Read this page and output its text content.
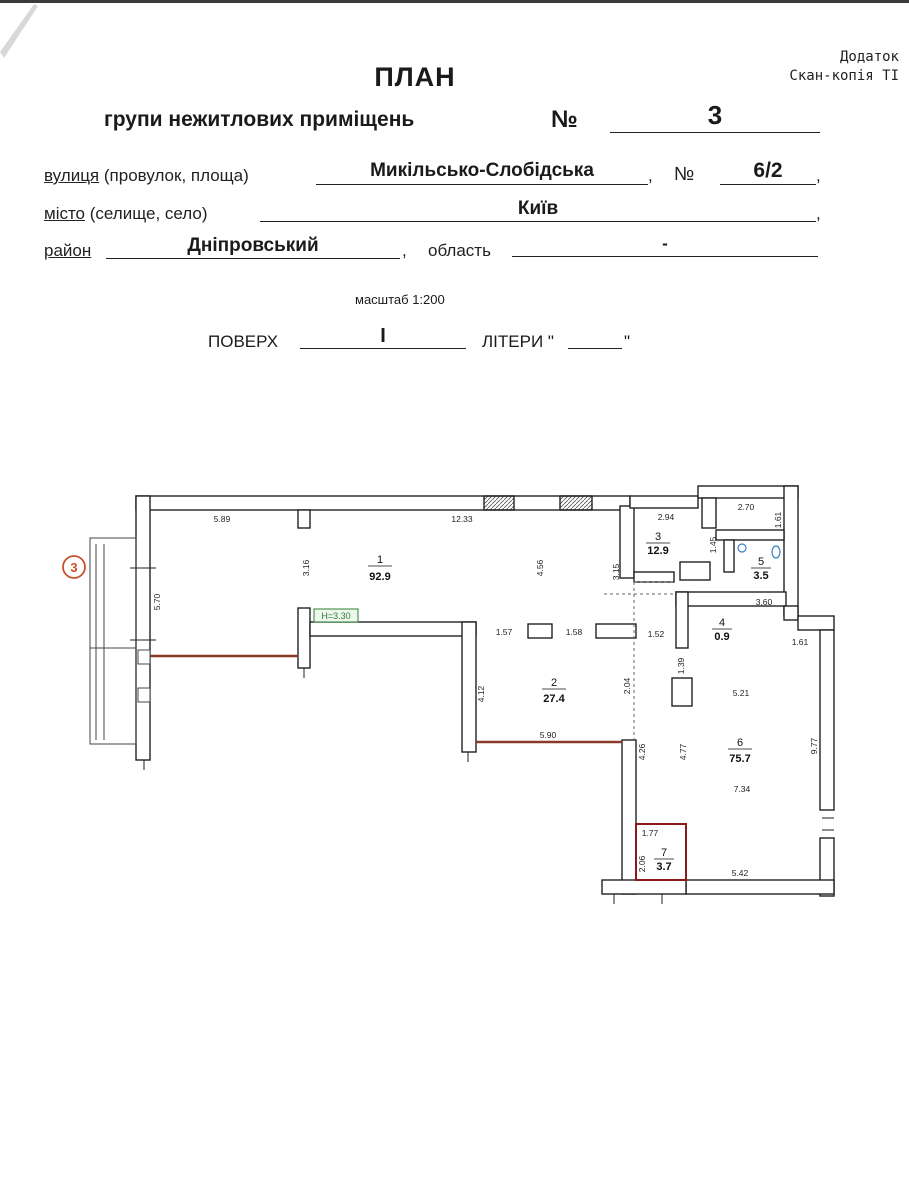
Додаток
Скан-копія ТІ
ПЛАН
групи нежитлових приміщень	№	3
вулиця (провулок, площа)	Микільсько-Слобідська	, №	6/2	,
місто (селище, село)	Київ	,
район	Дніпровський	, область	-
масштаб 1:200
ПОВЕРХ	I	ЛІТЕРИ "	"
3
Н=3.30
1
92.9
2
27.4
3
12.9
4
0.9
5
3.5
6
75.7
7
3.7
5.89	12.33
3.16	4.56	3.15
5.70
2.94
2.70
1.61
1.45
3.60
1.61
1.57	1.58	1.52
4.12	2.04
1.39
5.21
5.90
4.26	4.77	9.77
7.34
1.77
2.06
5.42
